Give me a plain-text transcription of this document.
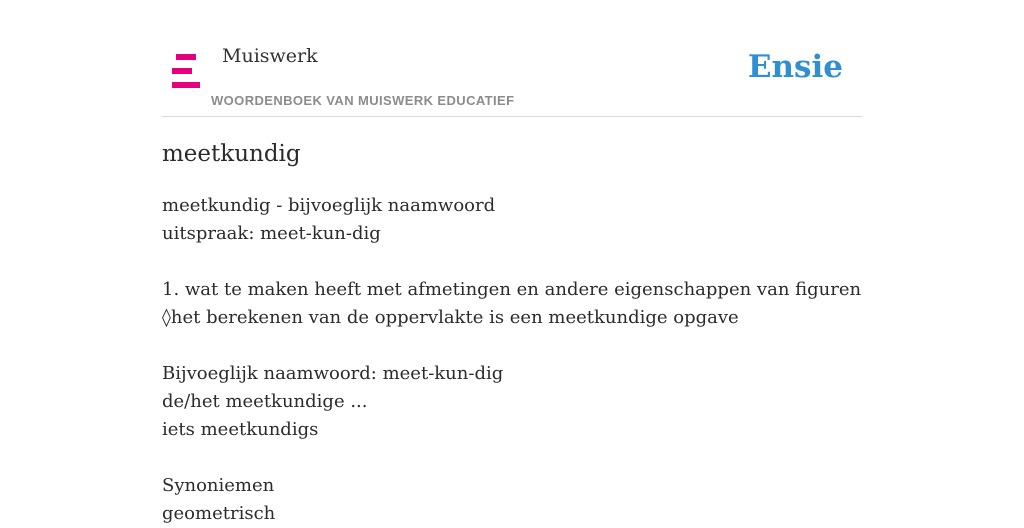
Muiswerk
WOORDENBOEK VAN MUISWERK EDUCATIEF
Ensie
meetkundig
meetkundig - bijvoeglijk naamwoord
uitspraak: meet-kun-dig
1. wat te maken heeft met afmetingen en andere eigenschappen van figuren
◊het berekenen van de oppervlakte is een meetkundige opgave
Bijvoeglijk naamwoord: meet-kun-dig
de/het meetkundige ...
iets meetkundigs
Synoniemen
geometrisch
